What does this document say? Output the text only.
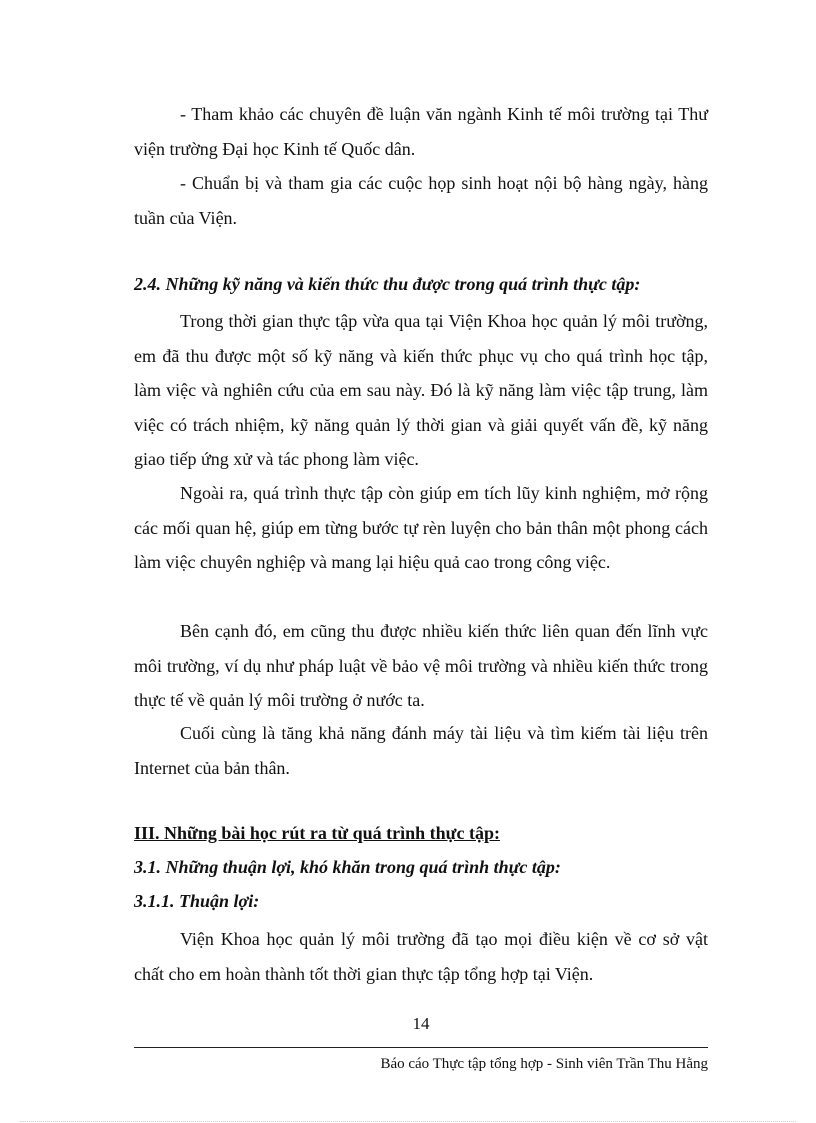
- Tham khảo các chuyên đề luận văn ngành Kinh tế môi trường tại Thư viện trường Đại học Kinh tế Quốc dân.

- Chuẩn bị và tham gia các cuộc họp sinh hoạt nội bộ hàng ngày, hàng tuần của Viện.

2.4. Những kỹ năng và kiến thức thu được trong quá trình thực tập:

Trong thời gian thực tập vừa qua tại Viện Khoa học quản lý môi trường, em đã thu được một số kỹ năng và kiến thức phục vụ cho quá trình học tập, làm việc và nghiên cứu của em sau này. Đó là kỹ năng làm việc tập trung, làm việc có trách nhiệm, kỹ năng quản lý thời gian và giải quyết vấn đề, kỹ năng giao tiếp ứng xử và tác phong làm việc.

Ngoài ra, quá trình thực tập còn giúp em tích lũy kinh nghiệm, mở rộng các mối quan hệ, giúp em từng bước tự rèn luyện cho bản thân một phong cách làm việc chuyên nghiệp và mang lại hiệu quả cao trong công việc.

Bên cạnh đó, em cũng thu được nhiều kiến thức liên quan đến lĩnh vực môi trường, ví dụ như pháp luật về bảo vệ môi trường và nhiều kiến thức trong thực tế về quản lý môi trường ở nước ta.

Cuối cùng là tăng khả năng đánh máy tài liệu và tìm kiếm tài liệu trên Internet của bản thân.

III. Những bài học rút ra từ quá trình thực tập:
3.1. Những thuận lợi, khó khăn trong quá trình thực tập:
3.1.1. Thuận lợi:

Viện Khoa học quản lý môi trường đã tạo mọi điều kiện về cơ sở vật chất cho em hoàn thành tốt thời gian thực tập tổng hợp tại Viện.

14
Báo cáo Thực tập tổng hợp - Sinh viên Trần Thu Hằng
